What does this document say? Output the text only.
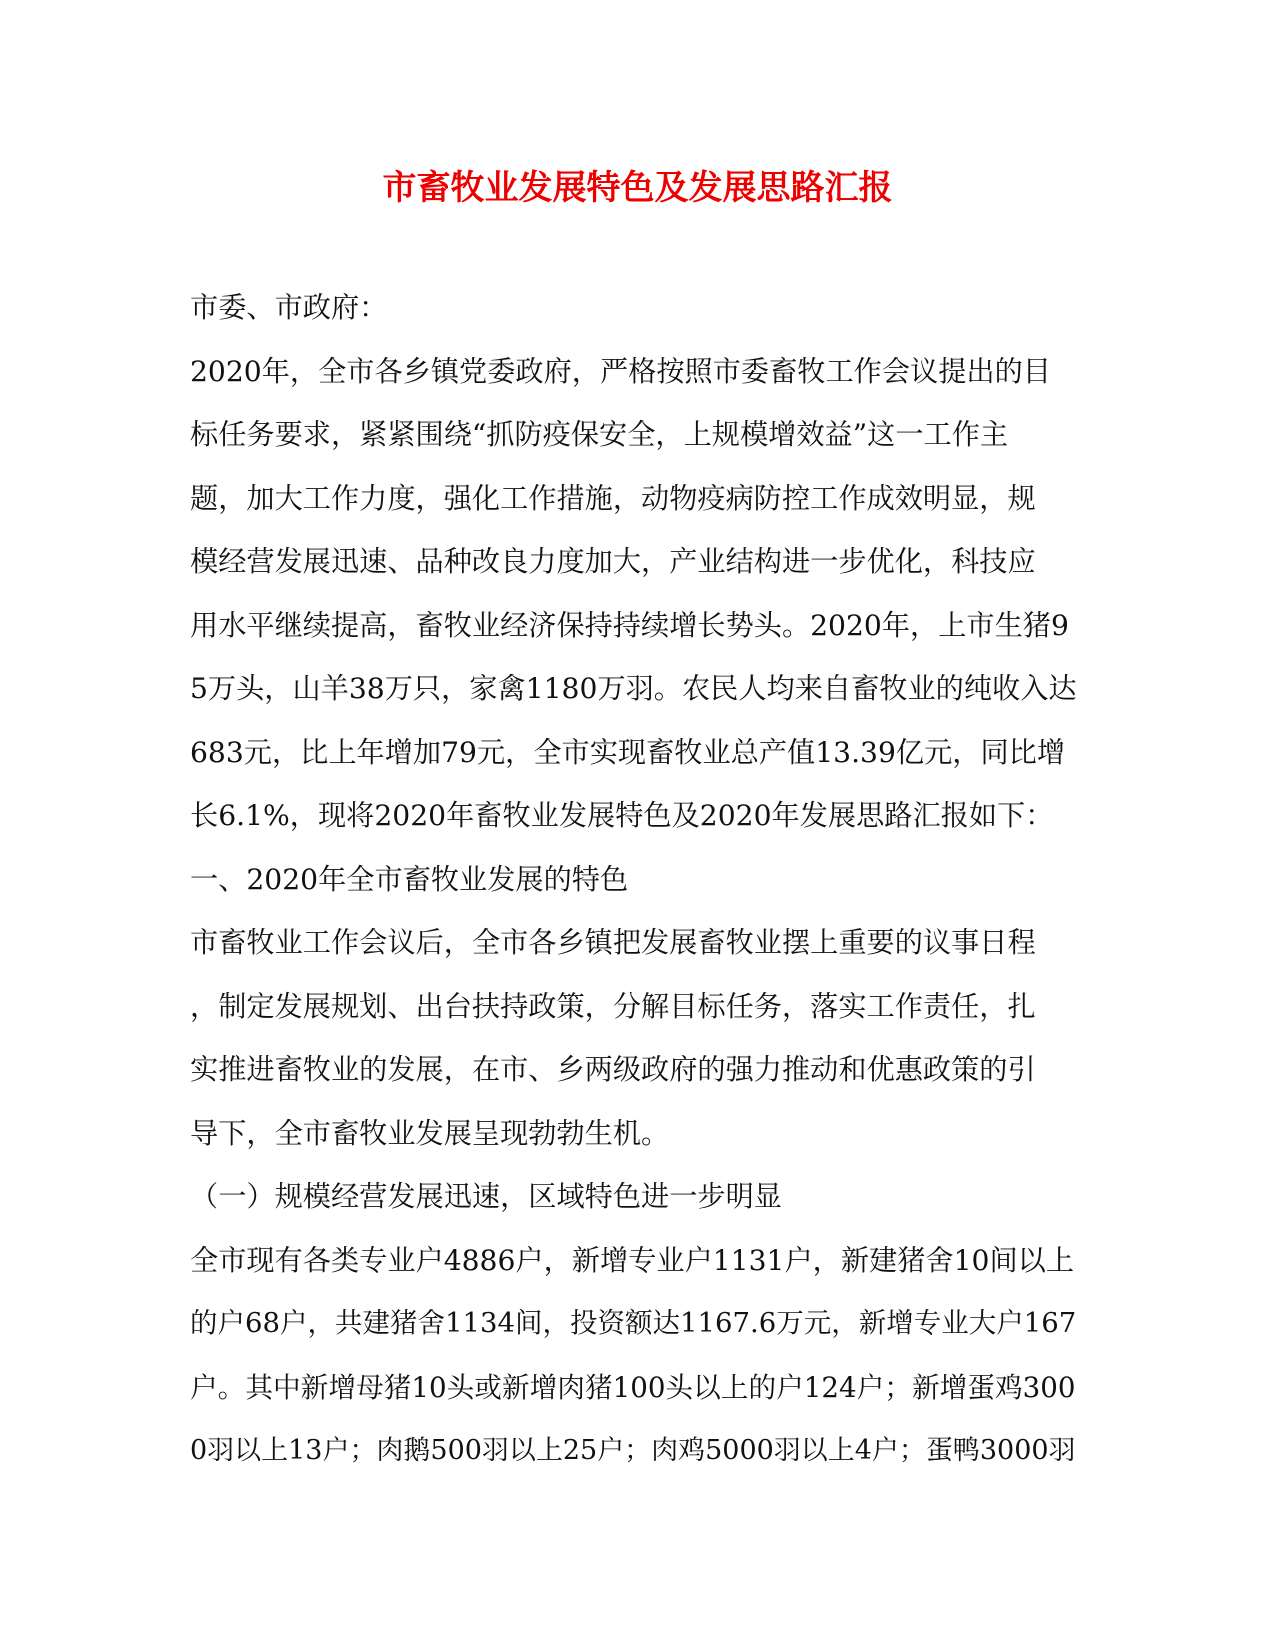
市畜牧业发展特色及发展思路汇报
市委、市政府：
2020年，全市各乡镇党委政府，严格按照市委畜牧工作会议提出的目
标任务要求，紧紧围绕“抓防疫保安全，上规模增效益”这一工作主
题，加大工作力度，强化工作措施，动物疫病防控工作成效明显，规
模经营发展迅速、品种改良力度加大，产业结构进一步优化，科技应
用水平继续提高，畜牧业经济保持持续增长势头。2020年，上市生猪9
5万头，山羊38万只，家禽1180万羽。农民人均来自畜牧业的纯收入达
683元，比上年增加79元，全市实现畜牧业总产值13.39亿元，同比增
长6.1%，现将2020年畜牧业发展特色及2020年发展思路汇报如下：
一、2020年全市畜牧业发展的特色
市畜牧业工作会议后，全市各乡镇把发展畜牧业摆上重要的议事日程
，制定发展规划、出台扶持政策，分解目标任务，落实工作责任，扎
实推进畜牧业的发展，在市、乡两级政府的强力推动和优惠政策的引
导下，全市畜牧业发展呈现勃勃生机。
（一）规模经营发展迅速，区域特色进一步明显
全市现有各类专业户4886户，新增专业户1131户，新建猪舍10间以上
的户68户，共建猪舍1134间，投资额达1167.6万元，新增专业大户167
户。其中新增母猪10头或新增肉猪100头以上的户124户；新增蛋鸡300
0羽以上13户；肉鹅500羽以上25户；肉鸡5000羽以上4户；蛋鸭3000羽
